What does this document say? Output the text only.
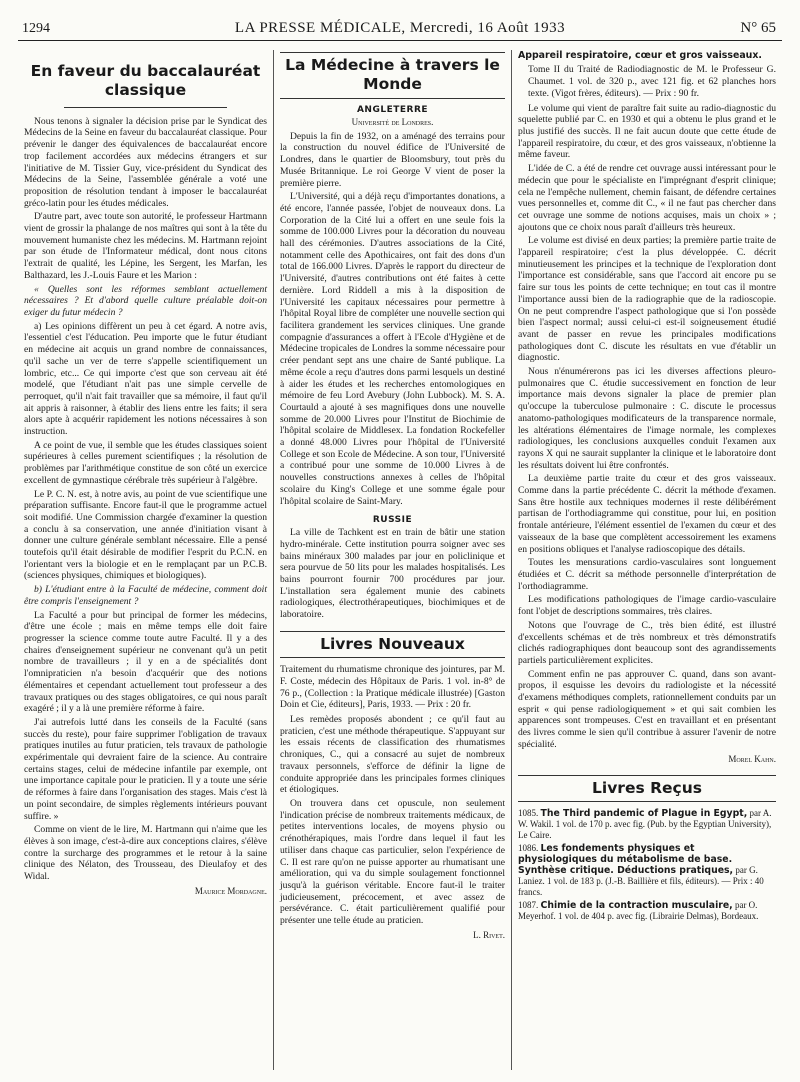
1294	LA PRESSE MÉDICALE, Mercredi, 16 Août 1933	N° 65
En faveur du baccalauréat classique

Nous tenons à signaler la décision prise par le Syndicat des Médecins de la Seine en faveur du baccalauréat classique. Pour prévenir le danger des équivalences de baccalauréat encore trop facilement accordées aux médecins étrangers et sur l'initiative de M. Tissier Guy, vice-président du Syndicat des Médecins de la Seine, l'assemblée générale a voté une proposition de résolution tendant à imposer le baccalauréat gréco-latin pour les études médicales.

D'autre part, avec toute son autorité, le professeur Hartmann vient de grossir la phalange de nos maîtres qui sont à la tête du mouvement humaniste chez les médecins. M. Hartmann rejoint par son étude de l'Informateur médical, dont nous citons l'extrait de qualité, les Lépine, les Sergent, les Marfan, les Balthazard, les J.-Louis Faure et les Marion :

« Quelles sont les réformes semblant actuellement nécessaires ? Et d'abord quelle culture préalable doit-on exiger du futur médecin ?

a) Les opinions diffèrent un peu à cet égard. A notre avis, l'essentiel c'est l'éducation. Peu importe que le futur étudiant en médecine ait acquis un grand nombre de connaissances, qu'il sache un ver de terre s'appelle scientifiquement un lombric, etc... Ce qui importe c'est que son cerveau ait été modelé, que l'étudiant n'ait pas une simple cervelle de perroquet, qu'il n'ait fait travailler que sa mémoire, il faut qu'il ait appris à raisonner, à établir des liens entre les faits; il sera alors apte à acquérir rapidement les notions nécessaires à son instruction.

A ce point de vue, il semble que les études classiques soient supérieures à celles purement scientifiques ; la résolution de problèmes par l'arithmétique constitue de son côté un exercice excellent de gymnastique cérébrale très supérieur à l'algèbre.

Le P. C. N. est, à notre avis, au point de vue scientifique une préparation suffisante. Encore faut-il que le programme actuel soit modifié. Une Commission chargée d'examiner la question a conclu à sa conservation, une année d'initiation visant à donner une culture générale semblant nécessaire. Elle a pensé toutefois qu'il était désirable de modifier l'esprit du P.C.N. en l'orientant vers la biologie et en le remplaçant par un P.C.B. (sciences physiques, chimiques et biologiques).

b) L'étudiant entre à la Faculté de médecine, comment doit être compris l'enseignement ?

La Faculté a pour but principal de former les médecins, d'être une école ; mais en même temps elle doit faire progresser la science comme toute autre Faculté. Il y a des chaires d'enseignement supérieur ne convenant qu'à un petit nombre de travailleurs ; il y en a de spécialités dont l'omnipraticien n'a besoin d'acquérir que des notions élémentaires et cependant actuellement tout professeur a des travaux pratiques ou des stages obligatoires, ce qui nous paraît exagéré ; il y a là une première réforme à faire.

J'ai autrefois lutté dans les conseils de la Faculté (sans succès du reste), pour faire supprimer l'obligation de travaux pratiques inutiles au futur praticien, tels travaux de pathologie expérimentale qui devraient faire de la science. Au contraire certains stages, celui de médecine infantile par exemple, ont une importance capitale pour le praticien. Il y a toute une série de réformes à faire dans l'organisation des stages. Mais c'est là un point secondaire, de simples règlements intérieurs pouvant suffire. »

Comme on vient de le lire, M. Hartmann qui n'aime que les élèves à son image, c'est-à-dire aux conceptions claires, s'élève contre la surcharge des programmes et le retour à la saine clinique des Nélaton, des Trousseau, des Dieulafoy et des Widal.

Maurice Mordagne.

La Médecine à travers le Monde
ANGLETERRE
Université de Londres.

Depuis la fin de 1932, on a aménagé des terrains pour la construction du nouvel édifice de l'Université de Londres, dans le quartier de Bloomsbury, tout près du Musée Britannique. Le roi George V vient de poser la première pierre.

L'Université, qui a déjà reçu d'importantes donations, a été encore, l'année passée, l'objet de nouveaux dons. La Corporation de la Cité lui a offert en une seule fois la somme de 100.000 Livres pour la décoration du nouveau hall des cérémonies. D'autres associations de la Cité, notamment celle des Apothicaires, ont fait des dons d'un total de 166.000 Livres. D'après le rapport du directeur de l'Université, d'autres contributions ont été faites à cette dernière. Lord Riddell a mis à la disposition de l'Université les capitaux nécessaires pour permettre à l'hôpital Royal libre de compléter une nouvelle section qui facilitera grandement les services cliniques. Une grande compagnie d'assurances a offert à l'Ecole d'Hygiène et de Médecine tropicales de Londres la somme nécessaire pour créer pendant sept ans une chaire de Santé publique. La même école a reçu d'autres dons parmi lesquels un destiné à aider les études et les recherches entomologiques en mémoire de feu Lord Avebury (John Lubbock). M. S. A. Courtauld a ajouté à ses magnifiques dons une nouvelle somme de 20.000 Livres pour l'Institut de Biochimie de l'hôpital scolaire de Middlesex. La fondation Rockefeller a donné 48.000 Livres pour l'hôpital de l'Université College et son Ecole de Médecine. A son tour, l'Université a contribué pour une somme de 10.000 Livres à de nouvelles constructions annexes à celles de l'hôpital scolaire du King's College et une somme égale pour l'hôpital scolaire de Saint-Mary.

RUSSIE

La ville de Tachkent est en train de bâtir une station hydro-minérale. Cette institution pourra soigner avec ses bains minéraux 300 malades par jour en policlinique et sera pourvue de 50 lits pour les malades hospitalisés. Les bains pourront fournir 700 procédures par jour. L'installation sera également munie des cabinets radiologiques, électrothérapeutiques, biochimiques et de laboratoire.

Livres Nouveaux

Traitement du rhumatisme chronique des jointures, par M. F. Coste, médecin des Hôpitaux de Paris. 1 vol. in-8° de 76 p., (Collection : la Pratique médicale illustrée) [Gaston Doin et Cie, éditeurs], Paris, 1933. — Prix : 20 fr.

Les remèdes proposés abondent ; ce qu'il faut au praticien, c'est une méthode thérapeutique. S'appuyant sur les essais récents de classification des rhumatismes chroniques, C., qui a consacré au sujet de nombreux travaux personnels, s'efforce de définir la ligne de conduite appropriée dans les principales formes cliniques et étiologiques.

On trouvera dans cet opuscule, non seulement l'indication précise de nombreux traitements médicaux, de petites interventions locales, de moyens physio ou crénothérapiques, mais l'ordre dans lequel il faut les utiliser dans chaque cas particulier, selon l'expérience de C. Il est rare qu'on ne puisse apporter au rhumatisant une amélioration, qui va du simple soulagement fonctionnel jusqu'à la guérison véritable. Encore faut-il le traiter judicieusement, précocement, et avec assez de persévérance. C. était particulièrement qualifié pour présenter une telle étude au praticien.

L. Rivet.

Appareil respiratoire, cœur et gros vaisseaux.

Tome II du Traité de Radiodiagnostic de M. le Professeur G. Chaumet. 1 vol. de 320 p., avec 121 fig. et 62 planches hors texte. (Vigot frères, éditeurs). — Prix : 90 fr.

Le volume qui vient de paraître fait suite au radio-diagnostic du squelette publié par C. en 1930 et qui a obtenu le plus grand et le plus justifié des succès. Il ne fait aucun doute que cette étude de l'appareil respiratoire, du cœur, et des gros vaisseaux, n'obtienne la même faveur.

L'idée de C. a été de rendre cet ouvrage aussi intéressant pour le médecin que pour le spécialiste en l'imprégnant d'esprit clinique; cela ne l'empêche nullement, chemin faisant, de défendre certaines vues personnelles et, comme dit C., « il ne faut pas chercher dans cet ouvrage une somme de notions acquises, mais un choix » ; ajoutons que ce choix nous paraît d'ailleurs très heureux.

Le volume est divisé en deux parties; la première partie traite de l'appareil respiratoire; c'est la plus développée. C. décrit minutieusement les principes et la technique de l'exploration dont l'importance est considérable, sans que l'accord ait encore pu se faire sur tous les points de cette technique; en tout cas il montre l'importance aussi bien de la radiographie que de la radioscopie. On ne peut comprendre l'aspect pathologique que si l'on possède bien l'aspect normal; aussi celui-ci est-il soigneusement étudié avant de passer en revue les principales modifications pathologiques dont C. discute les résultats en vue d'établir un diagnostic.

Nous n'énumérerons pas ici les diverses affections pleuro-pulmonaires que C. étudie successivement en fonction de leur importance mais devons signaler la place de premier plan qu'occupe la tuberculose pulmonaire : C. discute le processus anatomo-pathologiques modificateurs de la transparence normale, les altérations élémentaires de l'image normale, les complexes radiologiques, les conclusions auxquelles conduit l'examen aux rayons X qui ne saurait supplanter la clinique et le laboratoire dont les résultats doivent lui être confrontés.

La deuxième partie traite du cœur et des gros vaisseaux. Comme dans la partie précédente C. décrit la méthode d'examen. Sans être hostile aux techniques modernes il reste délibérément partisan de l'orthodiagramme qui constitue, pour lui, en position frontale antérieure, l'élément essentiel de l'examen du cœur et des vaisseaux de la base que complètent accessoirement les examens en positions obliques et l'analyse radioscopique des détails.

Toutes les mensurations cardio-vasculaires sont longuement étudiées et C. décrit sa méthode personnelle d'interprétation de l'orthodiagramme.

Les modifications pathologiques de l'image cardio-vasculaire font l'objet de descriptions sommaires, très claires.

Notons que l'ouvrage de C., très bien édité, est illustré d'excellents schémas et de très nombreux et très démonstratifs clichés radiographiques dont beaucoup sont des agrandissements partiels particulièrement explicites.

Comment enfin ne pas approuver C. quand, dans son avant-propos, il esquisse les devoirs du radiologiste et la nécessité d'examens méthodiques complets, rationnellement conduits par un esprit « qui pense radiologiquement » et qui sait combien les apparences sont trompeuses. C'est en travaillant et en présentant des livres comme le sien qu'il contribue à assurer l'avenir de notre spécialité.

Morel Kahn.

Livres Reçus
1085. The Third pandemic of Plague in Egypt, par A. W. Wakil. 1 vol. de 170 p. avec fig. (Pub. by the Egyptian University), Le Caire.
1086. Les fondements physiques et physiologiques du métabolisme de base. Synthèse critique. Déductions pratiques, par G. Laniez. 1 vol. de 183 p. (J.-B. Baillière et fils, éditeurs). — Prix : 40 francs.
1087. Chimie de la contraction musculaire, par O. Meyerhof. 1 vol. de 404 p. avec fig. (Librairie Delmas), Bordeaux.
